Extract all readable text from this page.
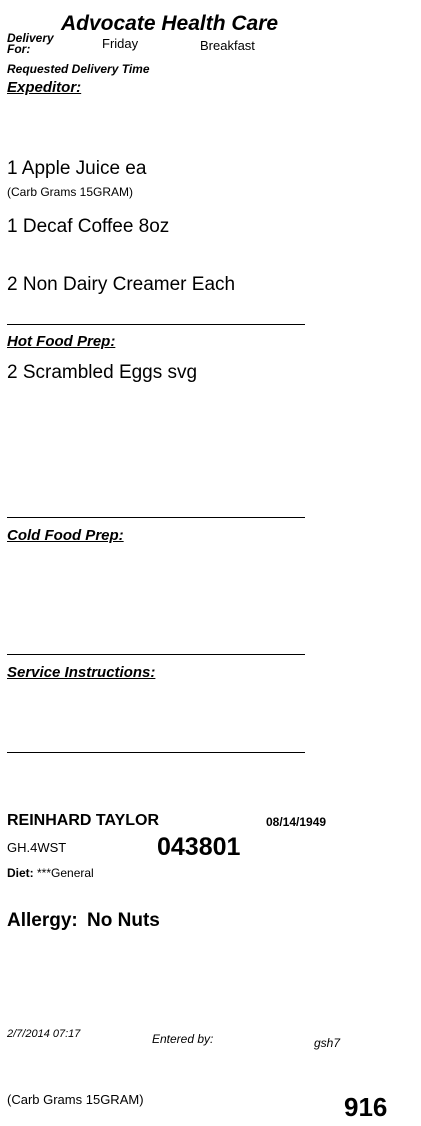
Advocate Health Care
Delivery For:	Friday	Breakfast
Requested Delivery Time
Expeditor:
1 Apple Juice ea
(Carb Grams 15GRAM)
1 Decaf Coffee 8oz
2 Non Dairy Creamer Each
Hot Food Prep:
2 Scrambled Eggs svg
Cold Food Prep:
Service Instructions:
REINHARD TAYLOR	08/14/1949
GH.4WST	043801
Diet: ***General
Allergy: No Nuts
2/7/2014 07:17	Entered by:	gsh7
(Carb Grams 15GRAM)	916
